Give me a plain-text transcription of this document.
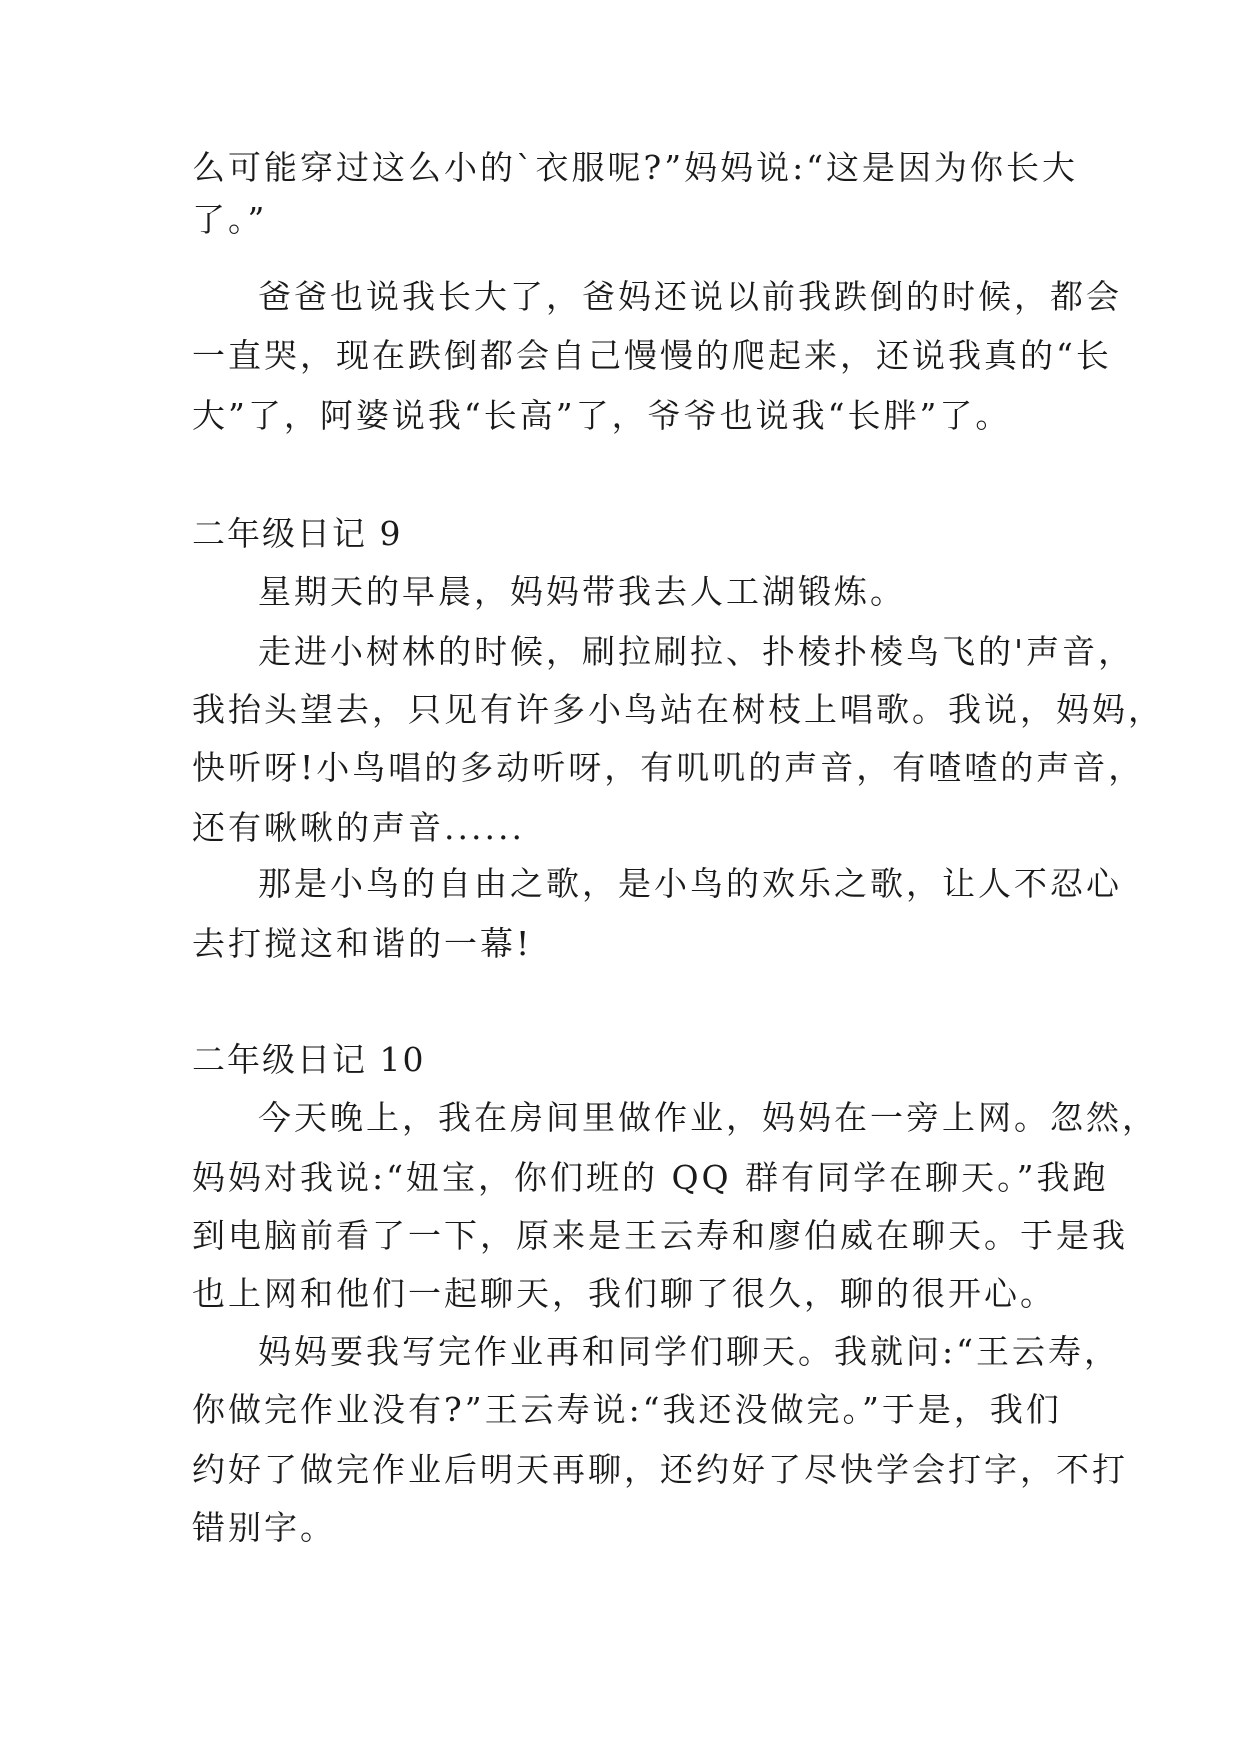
么可能穿过这么小的`衣服呢?”妈妈说:“这是因为你长大
了。”
爸爸也说我长大了，爸妈还说以前我跌倒的时候，都会
一直哭，现在跌倒都会自己慢慢的爬起来，还说我真的“长
大”了，阿婆说我“长高”了，爷爷也说我“长胖”了。
二年级日记 9
星期天的早晨，妈妈带我去人工湖锻炼。
走进小树林的时候，刷拉刷拉、扑棱扑棱鸟飞的'声音，
我抬头望去，只见有许多小鸟站在树枝上唱歌。我说，妈妈，
快听呀!小鸟唱的多动听呀，有叽叽的声音，有喳喳的声音，
还有啾啾的声音......
那是小鸟的自由之歌，是小鸟的欢乐之歌，让人不忍心
去打搅这和谐的一幕!
二年级日记 10
今天晚上，我在房间里做作业，妈妈在一旁上网。忽然，
妈妈对我说:“妞宝，你们班的 QQ 群有同学在聊天。”我跑
到电脑前看了一下，原来是王云寿和廖伯威在聊天。于是我
也上网和他们一起聊天，我们聊了很久，聊的很开心。
妈妈要我写完作业再和同学们聊天。我就问:“王云寿，
你做完作业没有?”王云寿说:“我还没做完。”于是，我们
约好了做完作业后明天再聊，还约好了尽快学会打字，不打
错别字。
